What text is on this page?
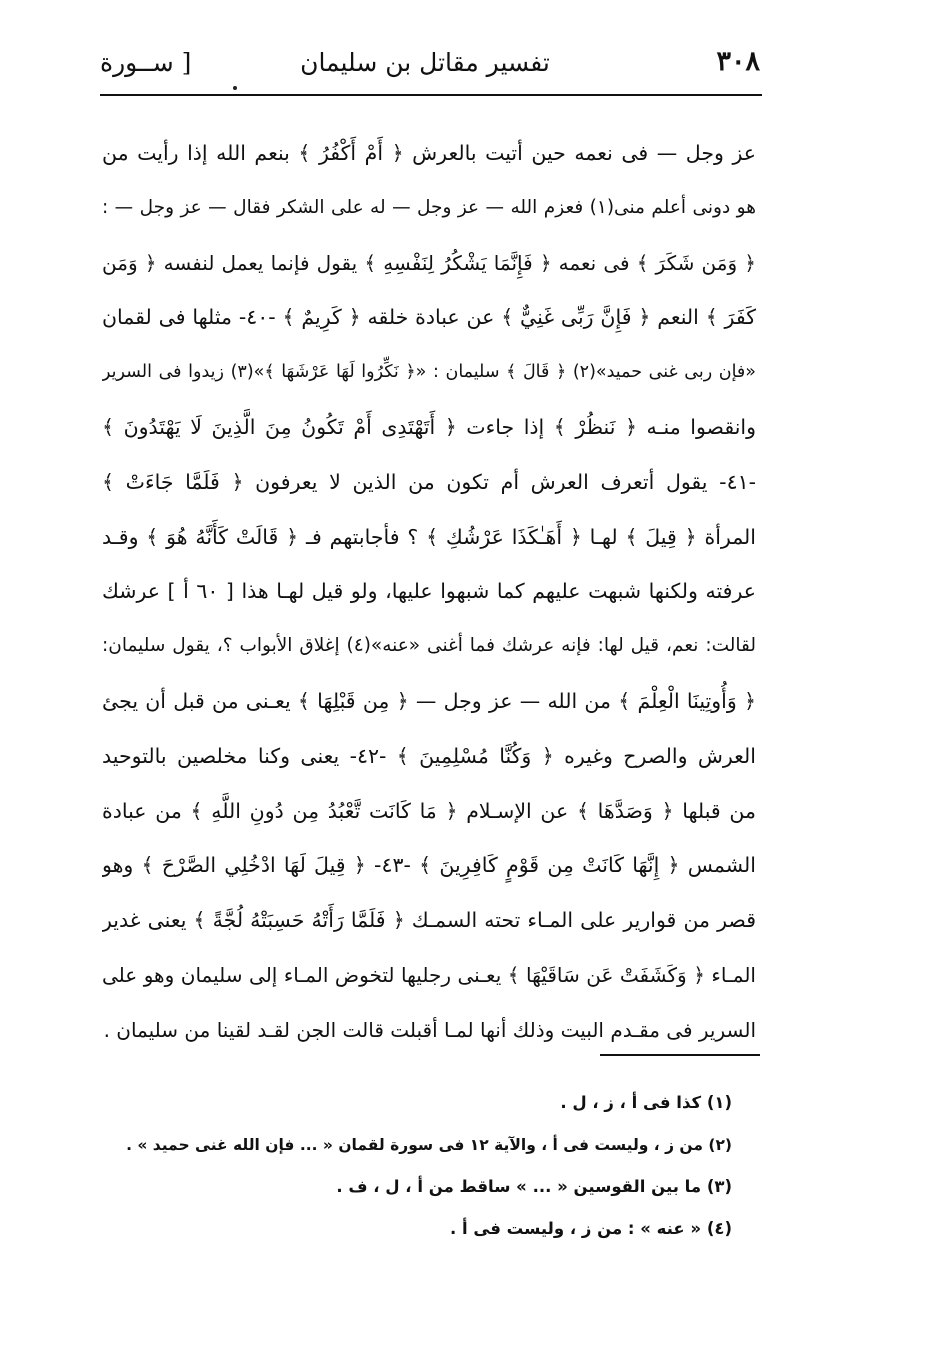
٣٠٨
تفسير مقاتل بن سليمان
[ ســورة
عز وجل — فى نعمه حين أتيت بالعرش ﴿ أَمْ أَكْفُرُ ﴾ بنعم الله إذا رأيت من
هو دونى أعلم منى(١) فعزم الله — عز وجل — له على الشكر فقال — عز وجل — :
﴿ وَمَن شَكَرَ ﴾ فى نعمه ﴿ فَإِنَّمَا يَشْكُرُ لِنَفْسِهِ ﴾ يقول فإنما يعمل لنفسه ﴿ وَمَن
كَفَرَ ﴾ النعم ﴿ فَإِنَّ رَبِّى غَنِيٌّ ﴾ عن عبادة خلقه ﴿ كَرِيمٌ ﴾ -٤٠- مثلها فى لقمان
«فإن ربى غنى حميد»(٢) ﴿ قَالَ ﴾ سليمان : «﴿ نَكِّرُوا لَهَا عَرْشَهَا ﴾»(٣) زيدوا فى السرير
وانقصوا منـه ﴿ نَنظُرْ ﴾ إذا جاءت ﴿ أَتَهْتَدِى أَمْ تَكُونُ مِنَ الَّذِينَ لَا يَهْتَدُونَ ﴾
-٤١- يقول أتعرف العرش أم تكون من الذين لا يعرفون ﴿ فَلَمَّا جَاءَتْ ﴾
المرأة ﴿ قِيلَ ﴾ لهـا ﴿ أَهَـٰكَذَا عَرْشُكِ ﴾ ؟ فأجابتهم فـ ﴿ قَالَتْ كَأَنَّهُ هُوَ ﴾ وقـد
عرفته ولكنها شبهت عليهم كما شبهوا عليها، ولو قيل لهـا هذا [ ٦٠ أ ] عرشك
لقالت: نعم، قيل لها: فإنه عرشك فما أغنى «عنه»(٤) إغلاق الأبواب ؟، يقول سليمان:
﴿ وَأُوتِينَا الْعِلْمَ ﴾ من الله — عز وجل — ﴿ مِن قَبْلِهَا ﴾ يعـنى من قبل أن يجئ
العرش والصرح وغيره ﴿ وَكُنَّا مُسْلِمِينَ ﴾ -٤٢- يعنى وكنا مخلصين بالتوحيد
من قبلها ﴿ وَصَدَّهَا ﴾ عن الإسـلام ﴿ مَا كَانَت تَّعْبُدُ مِن دُونِ اللَّهِ ﴾ من عبادة
الشمس ﴿ إِنَّهَا كَانَتْ مِن قَوْمٍ كَافِرِينَ ﴾ -٤٣- ﴿ قِيلَ لَهَا ادْخُلِي الصَّرْحَ ﴾ وهو
قصر من قوارير على المـاء تحته السمـك ﴿ فَلَمَّا رَأَتْهُ حَسِبَتْهُ لُجَّةً ﴾ يعنى غدير
المـاء ﴿ وَكَشَفَتْ عَن سَاقَيْهَا ﴾ يعـنى رجليها لتخوض المـاء إلى سليمان وهو على
السرير فى مقـدم البيت وذلك أنها لمـا أقبلت قالت الجن لقـد لقينا من سليمان .
(١) كذا فى أ ، ز ، ل .
(٢) من ز ، وليست فى أ ، والآية ١٢ فى سورة لقمان « ... فإن الله غنى حميد » .
(٣) ما بين القوسين « ... » ساقط من أ ، ل ، ف .
(٤) « عنه » : من ز ، وليست فى أ .
